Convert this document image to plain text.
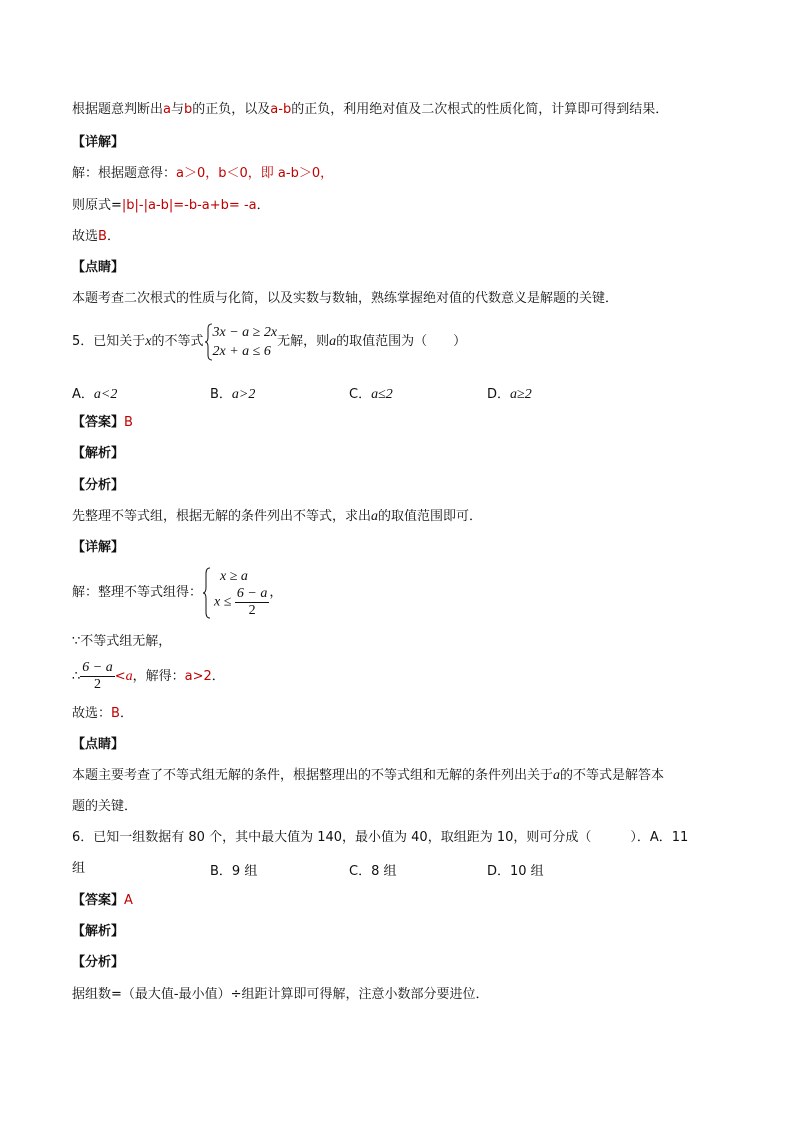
根据题意判断出a与b的正负，以及a-b的正负，利用绝对值及二次根式的性质化简，计算即可得到结果．
【详解】
解：根据题意得：a＞0，b＜0，即 a-b＞0，
则原式=|b|-|a-b|=-b-a+b= -a．
故选B．
【点睛】
本题考查二次根式的性质与化简，以及实数与数轴，熟练掌握绝对值的代数意义是解题的关键．
5．已知关于x的不等式
3x − a ≥ 2x
2x + a ≤ 6
无解，则a的取值范围为（　　）
A．a<2	B．a>2	C．a≤2	D．a≥2
【答案】B
【解析】
【分析】
先整理不等式组，根据无解的条件列出不等式，求出a的取值范围即可．
【详解】
解：整理不等式组得：
x ≥ a
$x \le \frac{6 - a}{2}$ ，
∵不等式组无解，
∴ $\frac{6 - a}{2} <a$，解得：a>2．
故选：B．
【点睛】
本题主要考查了不等式组无解的条件，根据整理出的不等式组和无解的条件列出关于a的不等式是解答本
题的关键．
6．已知一组数据有 80 个，其中最大值为 140，最小值为 40，取组距为 10，则可分成（　　　）．A．11
组	B．9 组	C．8 组	D．10 组
【答案】A
【解析】
【分析】
据组数=（最大值-最小值）÷组距计算即可得解，注意小数部分要进位．
